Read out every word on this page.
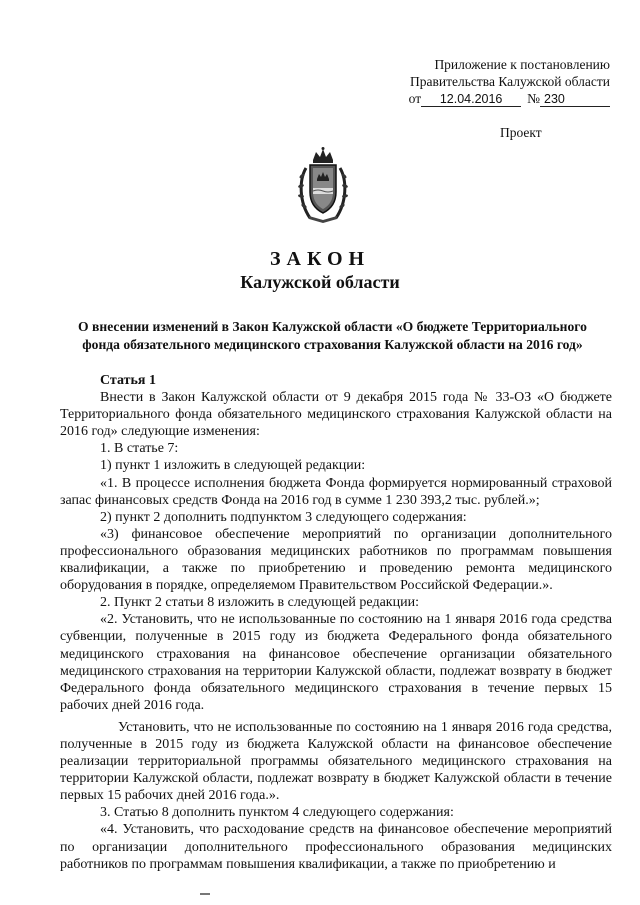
Приложение к постановлению
Правительства Калужской области
от	12.04.2016	№ 230
Проект
ЗАКОН
Калужской области
О внесении изменений в Закон Калужской области «О бюджете Территориального фонда обязательного медицинского страхования Калужской области на 2016 год»

Статья 1

Внести в Закон Калужской области от 9 декабря 2015 года № 33-ОЗ «О бюджете Территориального фонда обязательного медицинского страхования Калужской области на 2016 год» следующие изменения:

1. В статье 7:

1) пункт 1 изложить в следующей редакции:

«1. В процессе исполнения бюджета Фонда формируется нормированный страховой запас финансовых средств Фонда на 2016 год в сумме 1 230 393,2 тыс. рублей.»;

2) пункт 2 дополнить подпунктом 3 следующего содержания:

«3) финансовое обеспечение мероприятий по организации дополнительного профессионального образования медицинских работников по программам повышения квалификации, а также по приобретению и проведению ремонта медицинского оборудования в порядке, определяемом Правительством Российской Федерации.».

2. Пункт 2 статьи 8 изложить в следующей редакции:

«2. Установить, что не использованные по состоянию на 1 января 2016 года средства субвенции, полученные в 2015 году из бюджета Федерального фонда обязательного медицинского страхования на финансовое обеспечение организации обязательного медицинского страхования на территории Калужской области, подлежат возврату в бюджет Федерального фонда обязательного медицинского страхования в течение первых 15 рабочих дней 2016 года.

Установить, что не использованные по состоянию на 1 января 2016 года средства, полученные в 2015 году из бюджета Калужской области на финансовое обеспечение реализации территориальной программы обязательного медицинского страхования на территории Калужской области, подлежат возврату в бюджет Калужской области в течение первых 15 рабочих дней 2016 года.».

3. Статью 8 дополнить пунктом 4 следующего содержания:

«4. Установить, что расходование средств на финансовое обеспечение мероприятий по организации дополнительного профессионального образования медицинских работников по программам повышения квалификации, а также по приобретению и
